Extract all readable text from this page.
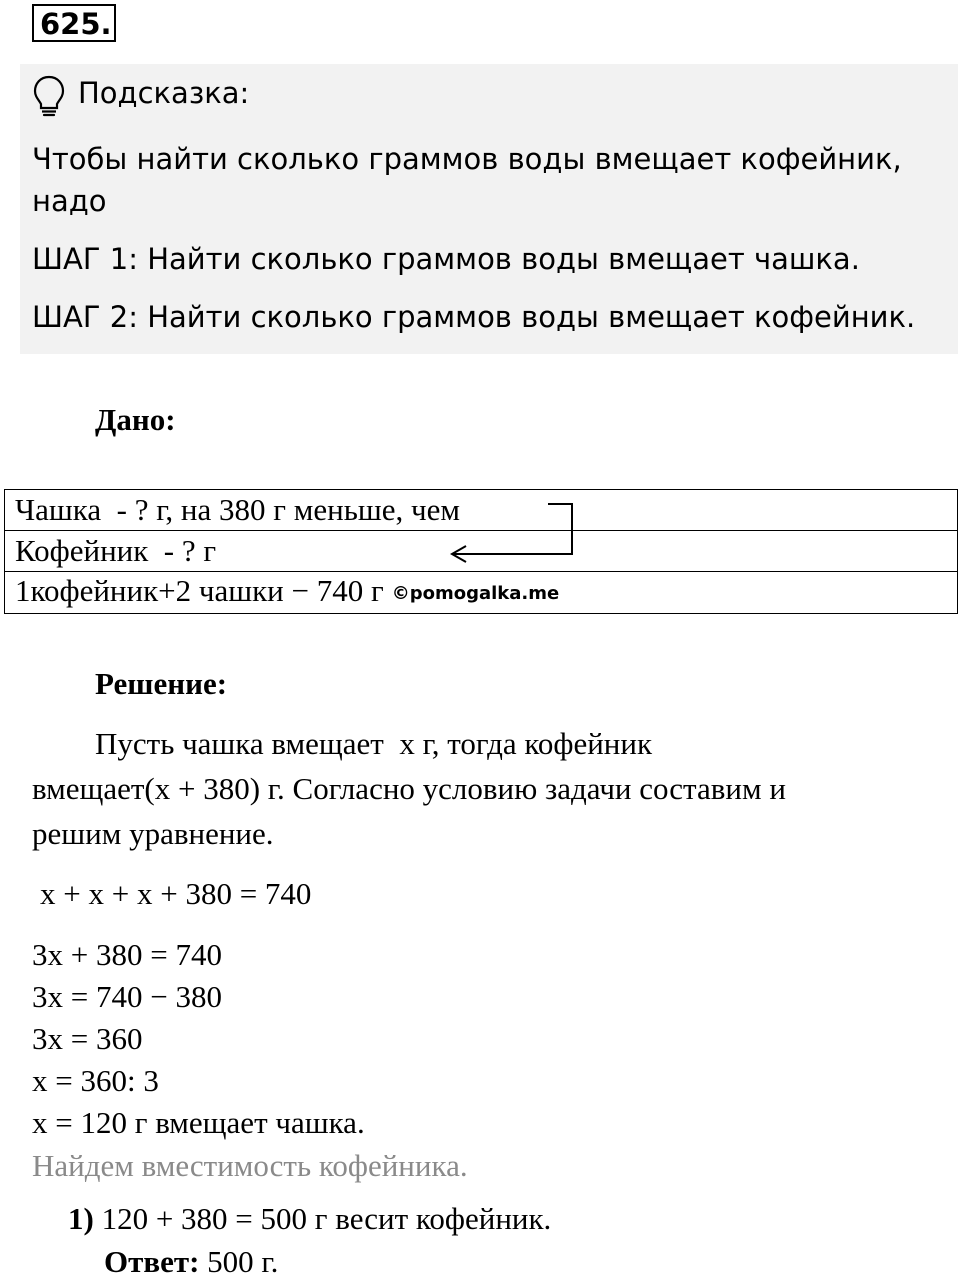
625.
Подсказка:
Чтобы найти сколько граммов воды вмещает кофейник,
надо
ШАГ 1: Найти сколько граммов воды вмещает чашка.
ШАГ 2: Найти сколько граммов воды вмещает кофейник.
Дано:
Чашка  - ? г, на 380 г меньше, чем
Кофейник  - ? г
1кофейник+2 чашки − 740 г ©pomogalka.me
Решение:
Пусть чашка вмещает  x г, тогда кофейник
вмещает(x + 380) г. Согласно условию задачи составим и
решим уравнение.
x + x + x + 380 = 740
3x + 380 = 740
3x = 740 − 380
3x = 360
x = 360: 3
x = 120 г вмещает чашка.
Найдем вместимость кофейника.
1) 120 + 380 = 500 г весит кофейник.
Ответ: 500 г.
